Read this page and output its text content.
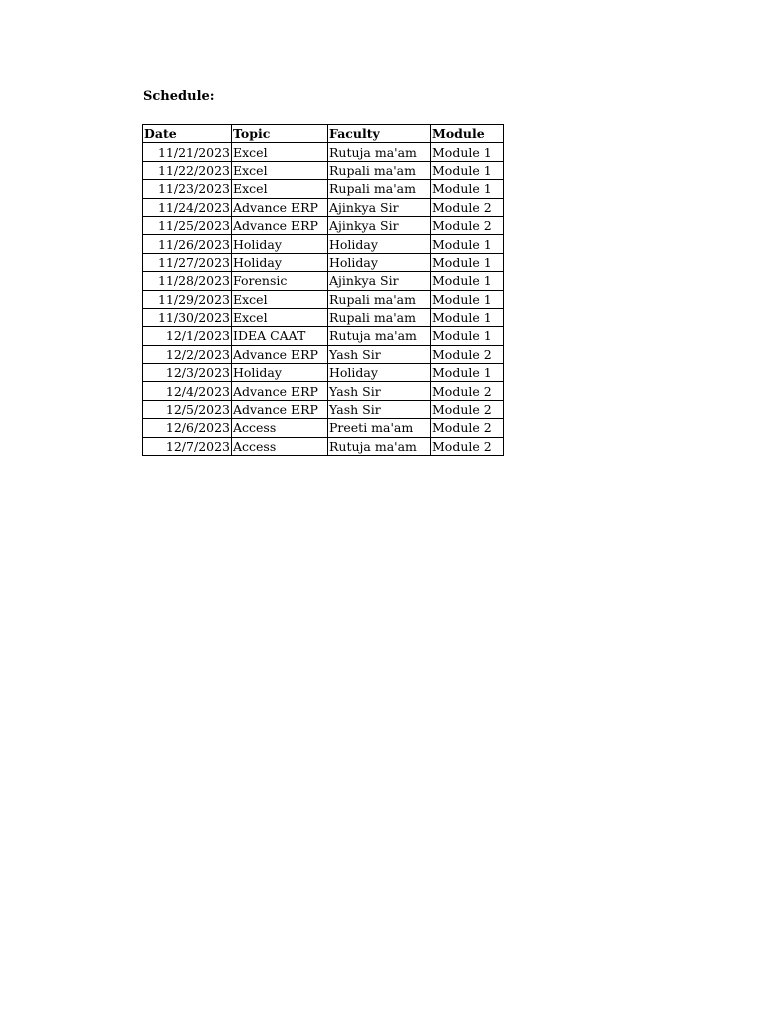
Schedule:
Date	Topic	Faculty	Module
11/21/2023	Excel	Rutuja ma'am	Module 1
11/22/2023	Excel	Rupali ma'am	Module 1
11/23/2023	Excel	Rupali ma'am	Module 1
11/24/2023	Advance ERP	Ajinkya Sir	Module 2
11/25/2023	Advance ERP	Ajinkya Sir	Module 2
11/26/2023	Holiday	Holiday	Module 1
11/27/2023	Holiday	Holiday	Module 1
11/28/2023	Forensic	Ajinkya Sir	Module 1
11/29/2023	Excel	Rupali ma'am	Module 1
11/30/2023	Excel	Rupali ma'am	Module 1
12/1/2023	IDEA CAAT	Rutuja ma'am	Module 1
12/2/2023	Advance ERP	Yash Sir	Module 2
12/3/2023	Holiday	Holiday	Module 1
12/4/2023	Advance ERP	Yash Sir	Module 2
12/5/2023	Advance ERP	Yash Sir	Module 2
12/6/2023	Access	Preeti ma'am	Module 2
12/7/2023	Access	Rutuja ma'am	Module 2
